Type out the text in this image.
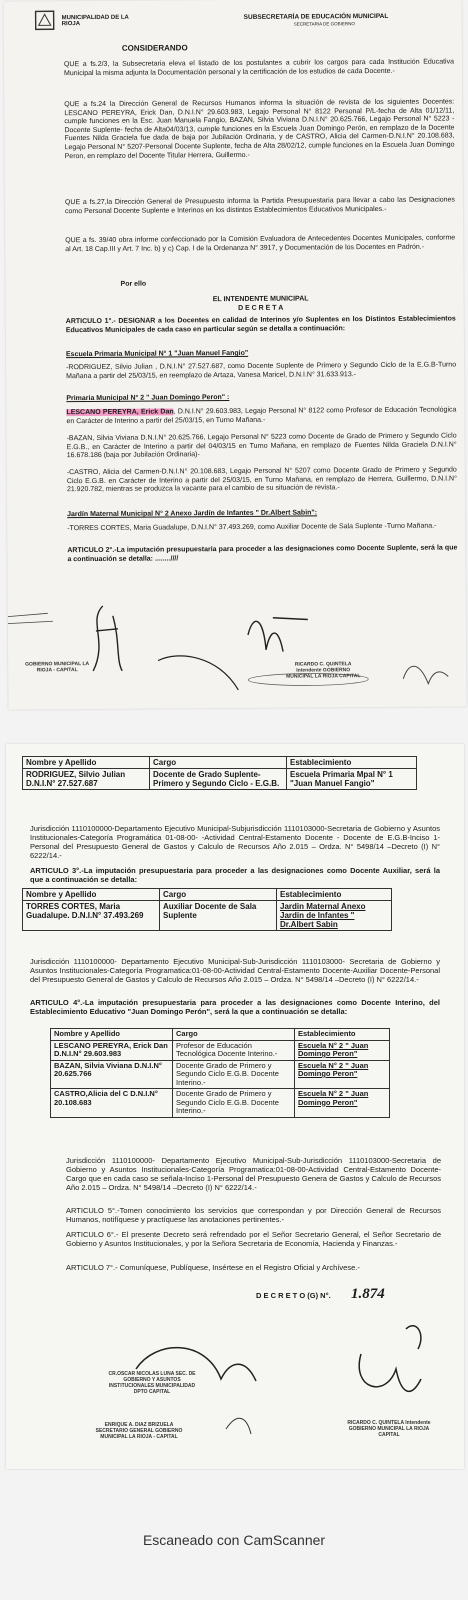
MUNICIPALIDAD DE LA RIOJA
SUBSECRETARÍA DE EDUCACIÓN MUNICIPAL
SECRETARIA DE GOBIERNO
CONSIDERANDO

QUE a fs.2/3, la Subsecretaria eleva el listado de los postulantes a cubrir los cargos para cada Institución Educativa Municipal la misma adjunta la Documentación personal y la certificación de los estudios de cada Docente.-

QUE a fs.24 la Dirección General de Recursos Humanos informa la situación de revista de los siguientes Docentes: LESCANO PEREYRA, Erick Dan, D.N.I.N° 29.603.983, Legajo Personal N° 8122 Personal P/L-fecha de Alta 01/12/11, cumple funciones en la Esc. Juan Manuela Fangio, BAZAN, Silvia Viviana D.N.I.N° 20.625.766, Legajo Personal N° 5223 - Docente Suplente- fecha de Alta04/03/13, cumple funciones en la Escuela Juan Domingo Perón, en remplazo de la Docente Fuentes Nilda Graciela fue dada de baja por Jubilación Ordinaria, y de CASTRO, Alicia del Carmen-D.N.I.N° 20.108.683, Legajo Personal N° 5207-Personal Docente Suplente, fecha de Alta 28/02/12, cumple funciones en la Escuela Juan Domingo Peron, en remplazo del Docente Titular Herrera, Guillermo.-

QUE a fs.27,la Dirección General de Presupuesto informa la Partida Presupuestaria para llevar a cabo las Designaciones como Personal Docente Suplente e Interinos en los distintos Establecimientos Educativos Municipales.-

QUE a fs. 39/40 obra informe confeccionado por la Comisión Evaluadora de Antecedentes Docentes Municipales, conforme al Art. 18 Cap.III y Art. 7 Inc. b) y c) Cap. I de la Ordenanza N° 3917, y Documentación de los Docentes en Padrón.-

Por ello
EL INTENDENTE MUNICIPAL
D E C R E T A

ARTICULO 1°.- DESIGNAR a los Docentes en calidad de Interinos y/o Suplentes en los Distintos Establecimientos Educativos Municipales de cada caso en particular según se detalla a continuación:

Escuela Primaria Municipal N° 1 "Juan Manuel Fangio"

-RODRIGUEZ, Silvio Julian , D.N.I.N° 27.527.687, como Docente Suplente de Primero y Segundo Ciclo de la E.G.B-Turno Mañana a partir del 25/03/15, en reemplazo de Artaza, Vanesa Maricel, D.N.I.N° 31.633.913.-

Primaria Municipal N° 2 " Juan Domingo Peron" :

LESCANO PEREYRA, Erick Dan, D.N.I.N° 29.603.983, Legajo Personal N° 8122 como Profesor de Educación Tecnológica en Carácter de Interino a partir del 25/03/15, en Turno Mañana.-

-BAZAN, Silvia Viviana D.N.I.N° 20.625.766, Legajo Personal N° 5223 como Docente de Grado de Primero y Segundo Ciclo E.G.B., en Carácter de Interino a partir del 04/03/15 en Turno Mañana, en remplazo de Fuentes Nilda Graciela D.N.I.N° 16.678.186 (baja por Jubilación Ordinaria)-

-CASTRO, Alicia del Carmen-D.N.I.N° 20.108.683, Legajo Personal N° 5207 como Docente Grado de Primero y Segundo Ciclo E.G.B. en Carácter de Interino a partir del 25/03/15, en Turno Mañana, en remplazo de Herrera, Guillermo, D.N.I.N° 21.920.782, mientras se produzca la vacante para el cambio de su situación de revista.-

Jardín Maternal Municipal N° 2 Anexo Jardín de Infantes " Dr.Albert Sabin":

-TORRES CORTES, Maria Guadalupe, D.N.I.N° 37.493.269, como Auxiliar Docente de Sala Suplente -Turno Mañana.-

ARTICULO 2°.-La imputación presupuestaria para proceder a las designaciones como Docente Suplente, será la que a continuación se detalla: ........////

GOBIERNO MUNICIPAL LA RIOJA - CAPITAL
RICARDO C. QUINTELA Intendente GOBIERNO MUNICIPAL LA RIOJA CAPITAL
Nombre y Apellido	Cargo	Establecimiento
RODRIGUEZ, Silvio Julian D.N.I.N° 27.527.687	Docente de Grado Suplente-Primero y Segundo Ciclo - E.G.B.	Escuela Primaria Mpal N° 1 "Juan Manuel Fangio"

Jurisdicción 1110100000-Departamento Ejecutivo Municipal-Subjurisdicción 1110103000-Secretaria de Gobierno y Asuntos Institucionales-Categoría Programática 01-08-00- -Actividad Central-Estamento Docente - Docente de E.G.B-Inciso 1-Personal del Presupuesto General de Gastos y Calculo de Recursos Año 2.015 – Ordza. N° 5498/14 –Decreto (I) N° 6222/14.-

ARTICULO 3°.-La imputación presupuestaria para proceder a las designaciones como Docente Auxiliar, será la que a continuación se detalla:

Nombre y Apellido	Cargo	Establecimiento
TORRES CORTES, Maria Guadalupe. D.N.I.N° 37.493.269	Auxiliar Docente de Sala Suplente	Jardin Maternal Anexo Jardin de Infantes " Dr.Albert Sabin

Jurisdicción 1110100000- Departamento Ejecutivo Municipal-Sub-Jurisdicción 1110103000- Secretaria de Gobierno y Asuntos Institucionales-Categoría Programatica:01-08-00-Actividad Central-Estamento Docente-Auxiliar Docente-Personal del Presupuesto General de Gastos y Calculo de Recursos Año 2.015 – Ordza. N° 5498/14 –Decreto (I) N° 6222/14.-

ARTICULO 4°.-La imputación presupuestaria para proceder a las designaciones como Docente Interino, del Establecimiento Educativo "Juan Domingo Perón", será la que a continuación se detalla:

Nombre y Apellido	Cargo	Establecimiento
LESCANO PEREYRA, Erick Dan D.N.I.N° 29.603.983	Profesor de Educación Tecnológica Docente Interino.-	Escuela N° 2 " Juan Domingo Peron"
BAZAN, Silvia Viviana D.N.I.N° 20.625.766	Docente Grado de Primero y Segundo Ciclo E.G.B. Docente Interino.-	Escuela N° 2 " Juan Domingo Peron"
CASTRO,Alicia del C D.N.I.N° 20.108.683	Docente Grado de Primero y Segundo Ciclo E.G.B. Docente Interino.-	Escuela N° 2 " Juan Domingo Peron"

Jurisdicción 1110100000- Departamento Ejecutivo Municipal-Sub-Jurisdicción 1110103000-Secretaria de Gobierno y Asuntos Institucionales-Categoría Programatica:01-08-00-Actividad Central-Estamento Docente-Cargo que en cada caso se señala-Inciso 1-Personal del Presupuesto Genera de Gastos y Calculo de Recursos Año 2.015 – Ordza. N° 5498/14 –Decreto (I) N° 6222/14.-

ARTICULO 5°.-Tomen conocimiento los servicios que correspondan y por Dirección General de Recursos Humanos, notifíquese y practíquese las anotaciones pertinentes.-

ARTICULO 6°.- El presente Decreto será refrendado por el Señor Secretario General, el Señor Secretario de Gobierno y Asuntos Institucionales, y por la Señora Secretaria de Economía, Hacienda y Finanzas.-

ARTICULO 7°.- Comuníquese, Publíquese, Insértese en el Registro Oficial y Archívese.-

D E C R E T O (G) N°. 1.874
CR.OSCAR NICOLAS LUNA SEC. DE GOBIERNO Y ASUNTOS INSTITUCIONALES MUNICIPALIDAD DPTO CAPITAL
ENRIQUE A. DIAZ BRIZUELA SECRETARIO GENERAL GOBIERNO MUNICIPAL LA RIOJA - CAPITAL
RICARDO C. QUINTELA Intendente GOBIERNO MUNICIPAL LA RIOJA CAPITAL
Escaneado con CamScanner
